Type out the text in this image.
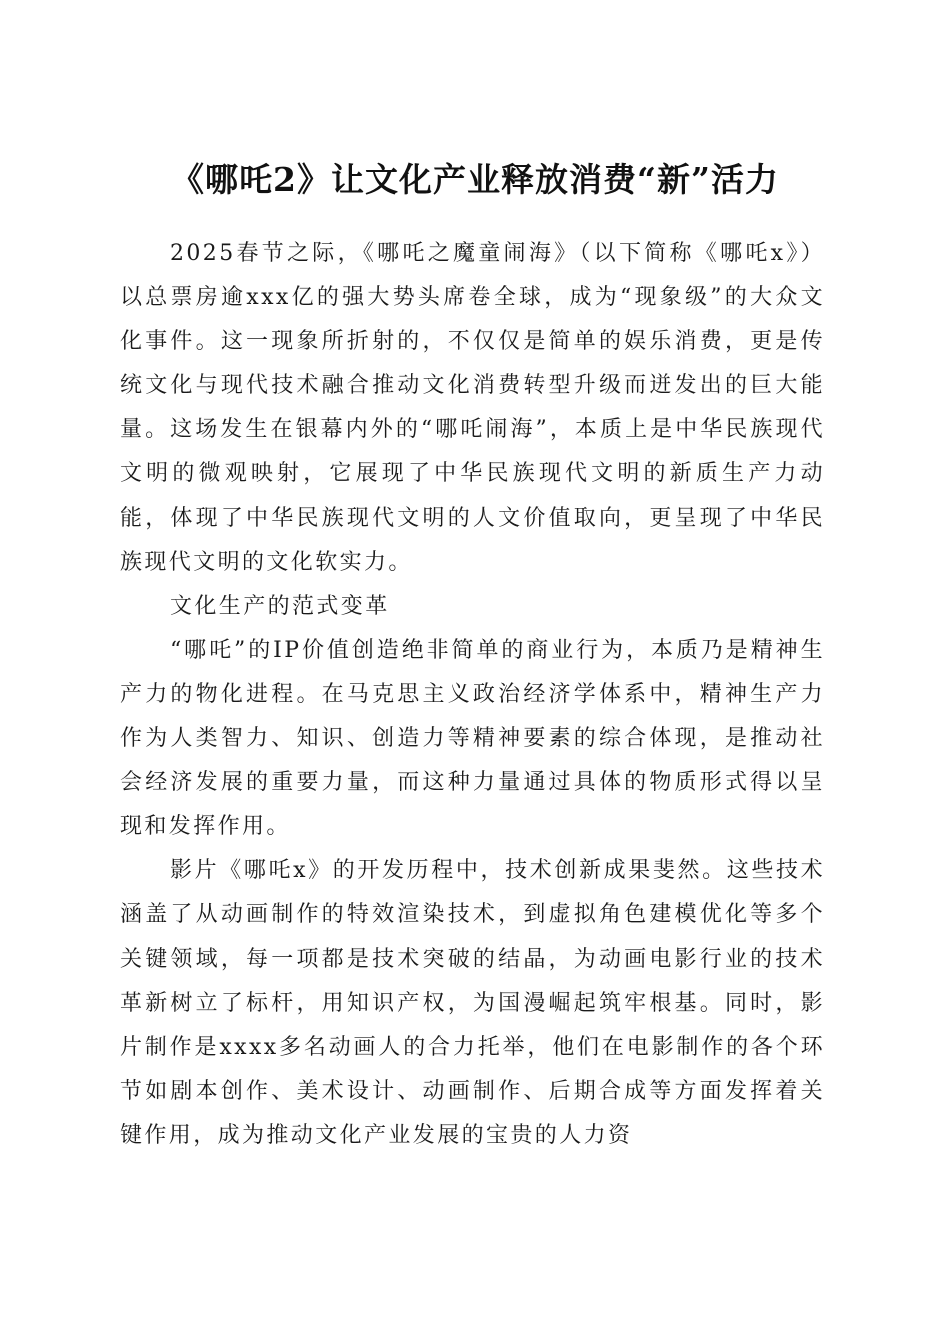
《哪吒2》让文化产业释放消费“新”活力

2025春节之际，《哪吒之魔童闹海》（以下简称《哪吒x》）以总票房逾xxx亿的强大势头席卷全球，成为“现象级”的大众文化事件。这一现象所折射的，不仅仅是简单的娱乐消费，更是传统文化与现代技术融合推动文化消费转型升级而迸发出的巨大能量。这场发生在银幕内外的“哪吒闹海”，本质上是中华民族现代文明的微观映射，它展现了中华民族现代文明的新质生产力动能，体现了中华民族现代文明的人文价值取向，更呈现了中华民族现代文明的文化软实力。

文化生产的范式变革

“哪吒”的IP价值创造绝非简单的商业行为，本质乃是精神生产力的物化进程。在马克思主义政治经济学体系中，精神生产力作为人类智力、知识、创造力等精神要素的综合体现，是推动社会经济发展的重要力量，而这种力量通过具体的物质形式得以呈现和发挥作用。

影片《哪吒x》的开发历程中，技术创新成果斐然。这些技术涵盖了从动画制作的特效渲染技术，到虚拟角色建模优化等多个关键领域，每一项都是技术突破的结晶，为动画电影行业的技术革新树立了标杆，用知识产权，为国漫崛起筑牢根基。同时，影片制作是xxxx多名动画人的合力托举，他们在电影制作的各个环节如剧本创作、美术设计、动画制作、后期合成等方面发挥着关键作用，成为推动文化产业发展的宝贵的人力资
